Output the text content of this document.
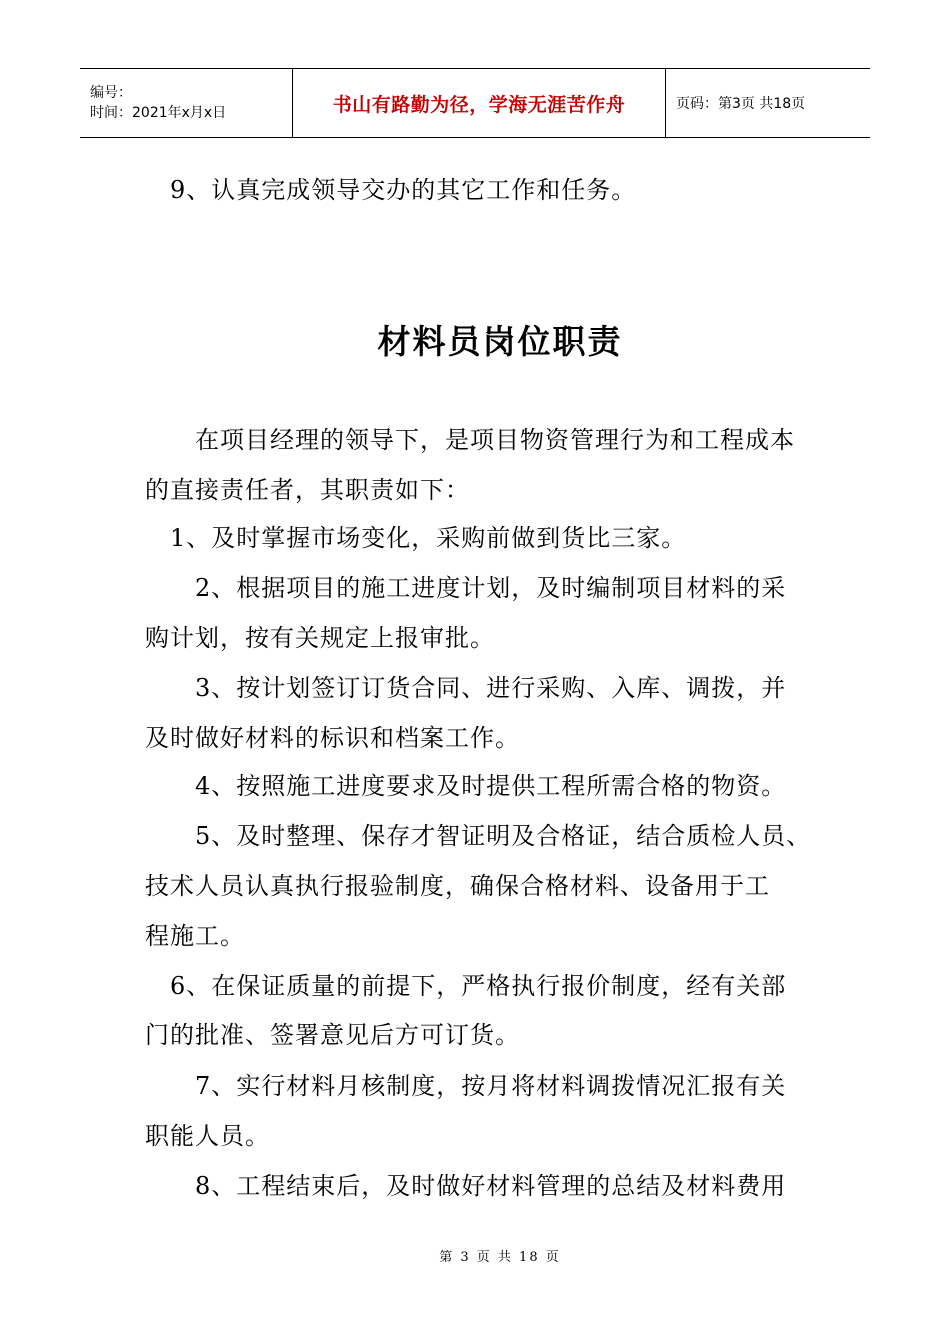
编号：
时间：2021年x月x日	书山有路勤为径，学海无涯苦作舟	页码：第3页 共18页
9、认真完成领导交办的其它工作和任务。
材料员岗位职责
在项目经理的领导下，是项目物资管理行为和工程成本
的直接责任者，其职责如下：
1、及时掌握市场变化，采购前做到货比三家。
2、根据项目的施工进度计划，及时编制项目材料的采
购计划，按有关规定上报审批。
3、按计划签订订货合同、进行采购、入库、调拨，并
及时做好材料的标识和档案工作。
4、按照施工进度要求及时提供工程所需合格的物资。
5、及时整理、保存才智证明及合格证，结合质检人员、
技术人员认真执行报验制度，确保合格材料、设备用于工
程施工。
6、在保证质量的前提下，严格执行报价制度，经有关部
门的批准、签署意见后方可订货。
7、实行材料月核制度，按月将材料调拨情况汇报有关
职能人员。
8、工程结束后，及时做好材料管理的总结及材料费用
第 3 页 共 18 页
